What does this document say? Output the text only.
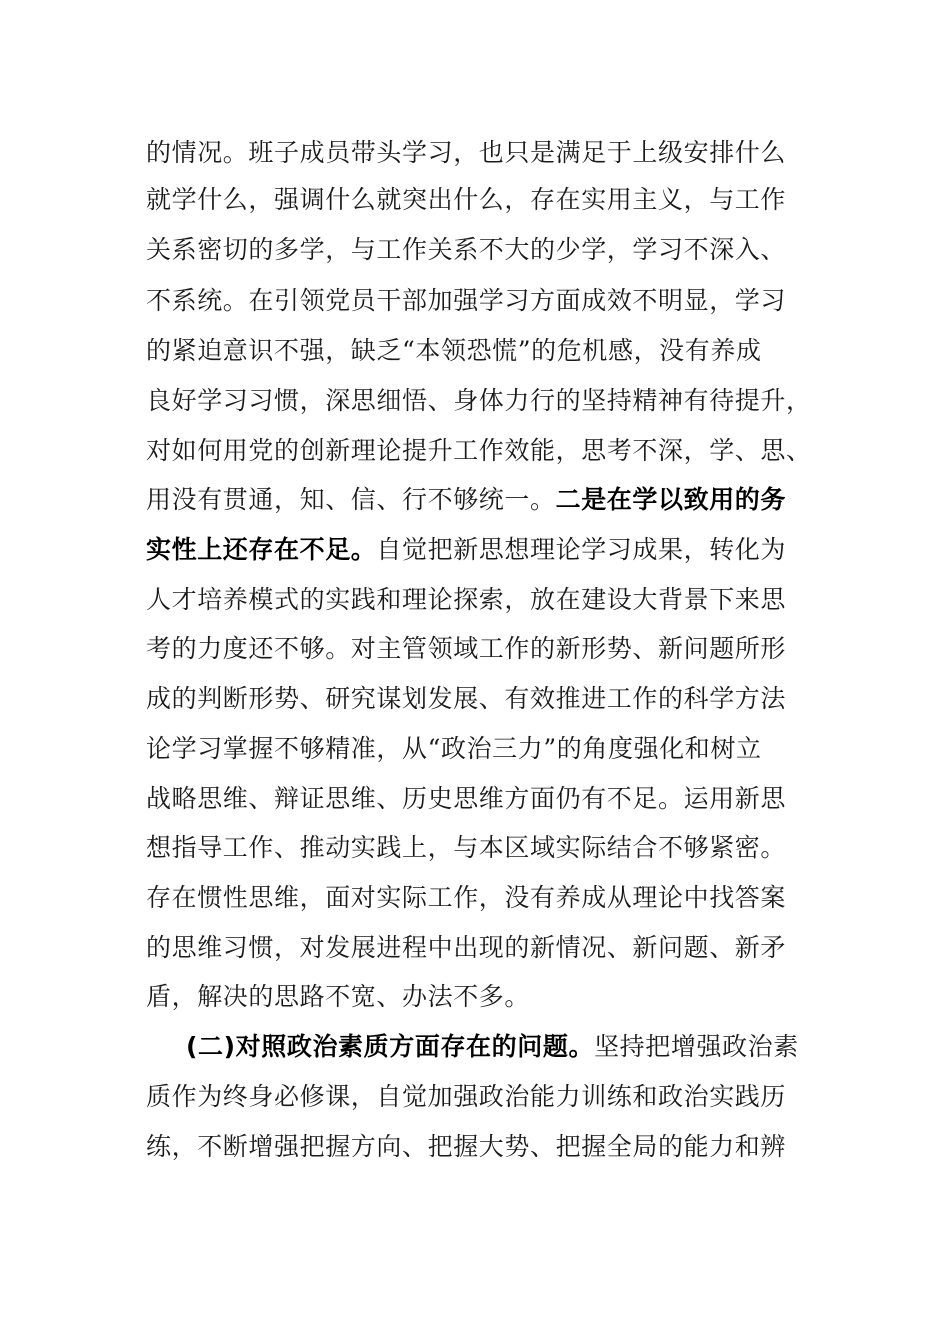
的情况。班子成员带头学习，也只是满足于上级安排什么
就学什么，强调什么就突出什么，存在实用主义，与工作
关系密切的多学，与工作关系不大的少学，学习不深入、
不系统。在引领党员干部加强学习方面成效不明显，学习
的紧迫意识不强，缺乏“本领恐慌”的危机感，没有养成
良好学习习惯，深思细悟、身体力行的坚持精神有待提升，
对如何用党的创新理论提升工作效能，思考不深，学、思、
用没有贯通，知、信、行不够统一。二是在学以致用的务
实性上还存在不足。自觉把新思想理论学习成果，转化为
人才培养模式的实践和理论探索，放在建设大背景下来思
考的力度还不够。对主管领域工作的新形势、新问题所形
成的判断形势、研究谋划发展、有效推进工作的科学方法
论学习掌握不够精准，从“政治三力”的角度强化和树立
战略思维、辩证思维、历史思维方面仍有不足。运用新思
想指导工作、推动实践上，与本区域实际结合不够紧密。
存在惯性思维，面对实际工作，没有养成从理论中找答案
的思维习惯，对发展进程中出现的新情况、新问题、新矛
盾，解决的思路不宽、办法不多。
(二)对照政治素质方面存在的问题。坚持把增强政治素
质作为终身必修课，自觉加强政治能力训练和政治实践历
练，不断增强把握方向、把握大势、把握全局的能力和辨
